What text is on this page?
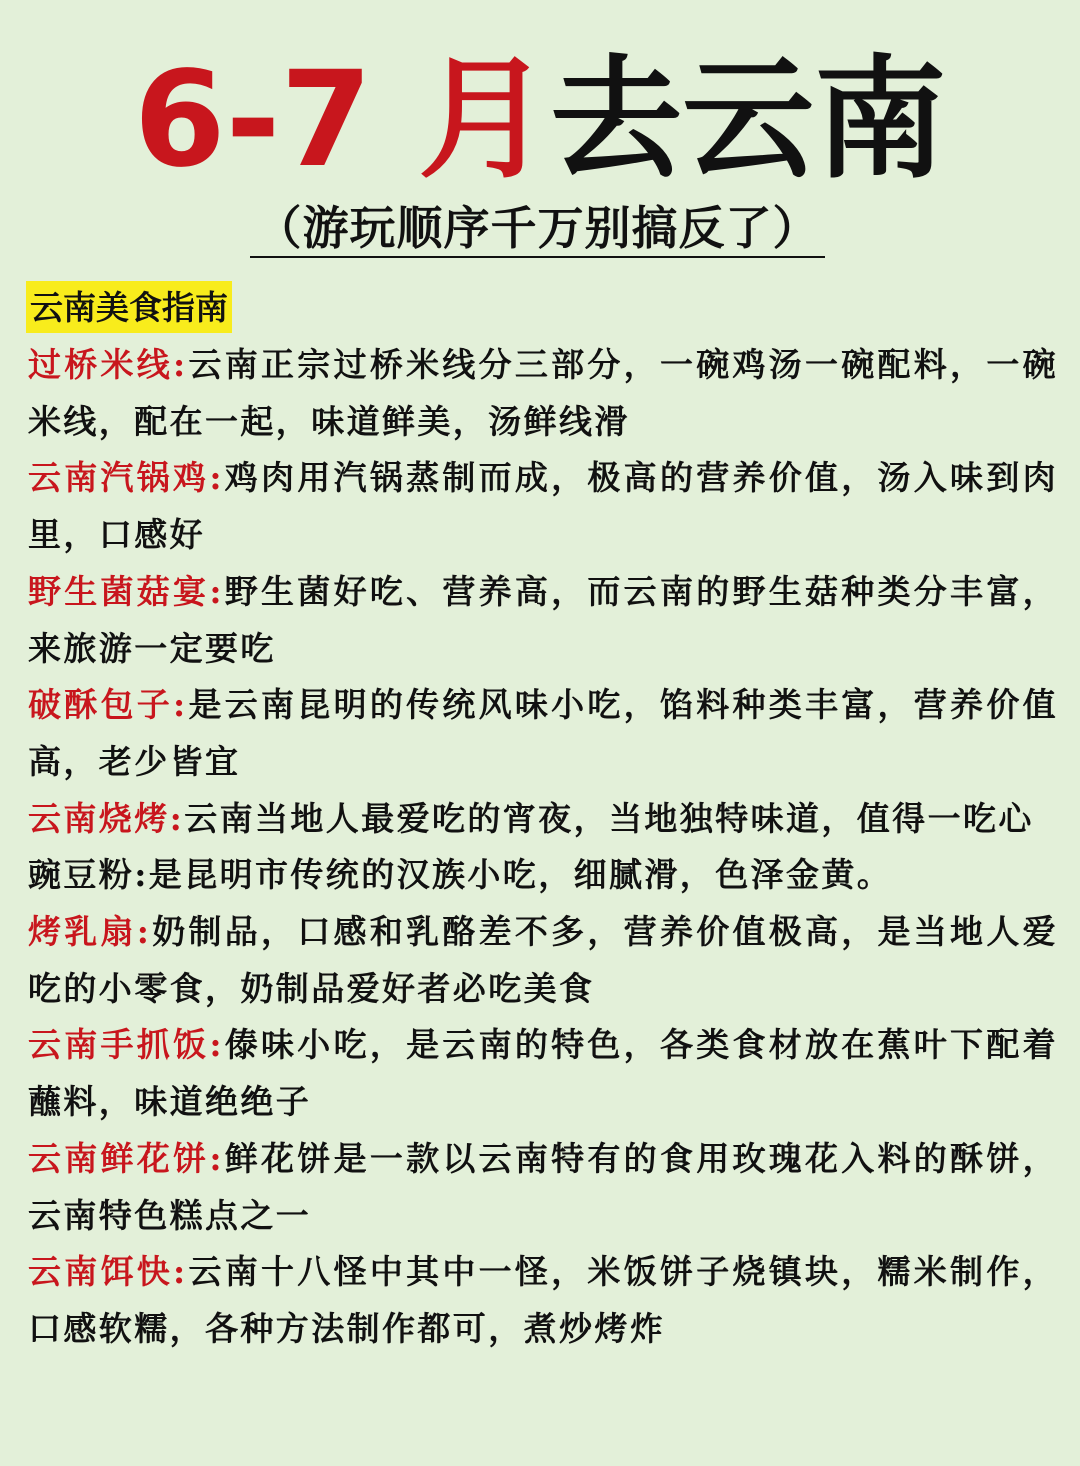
6-7 月去云南
（游玩顺序千万别搞反了）
云南美食指南

过桥米线:云南正宗过桥米线分三部分，一碗鸡汤一碗配料，一碗米线，配在一起，味道鲜美，汤鲜线滑

云南汽锅鸡:鸡肉用汽锅蒸制而成，极高的营养价值，汤入味到肉里，口感好

野生菌菇宴:野生菌好吃、营养高，而云南的野生菇种类分丰富，来旅游一定要吃

破酥包子:是云南昆明的传统风味小吃，馅料种类丰富，营养价值高，老少皆宜

云南烧烤:云南当地人最爱吃的宵夜，当地独特味道，值得一吃心

豌豆粉:是昆明市传统的汉族小吃，细腻滑，色泽金黄。

烤乳扇:奶制品，口感和乳酪差不多，营养价值极高，是当地人爱吃的小零食，奶制品爱好者必吃美食

云南手抓饭:傣味小吃，是云南的特色，各类食材放在蕉叶下配着蘸料，味道绝绝子

云南鲜花饼:鲜花饼是一款以云南特有的食用玫瑰花入料的酥饼，云南特色糕点之一

云南饵快:云南十八怪中其中一怪，米饭饼子烧镇块，糯米制作，口感软糯，各种方法制作都可，煮炒烤炸
